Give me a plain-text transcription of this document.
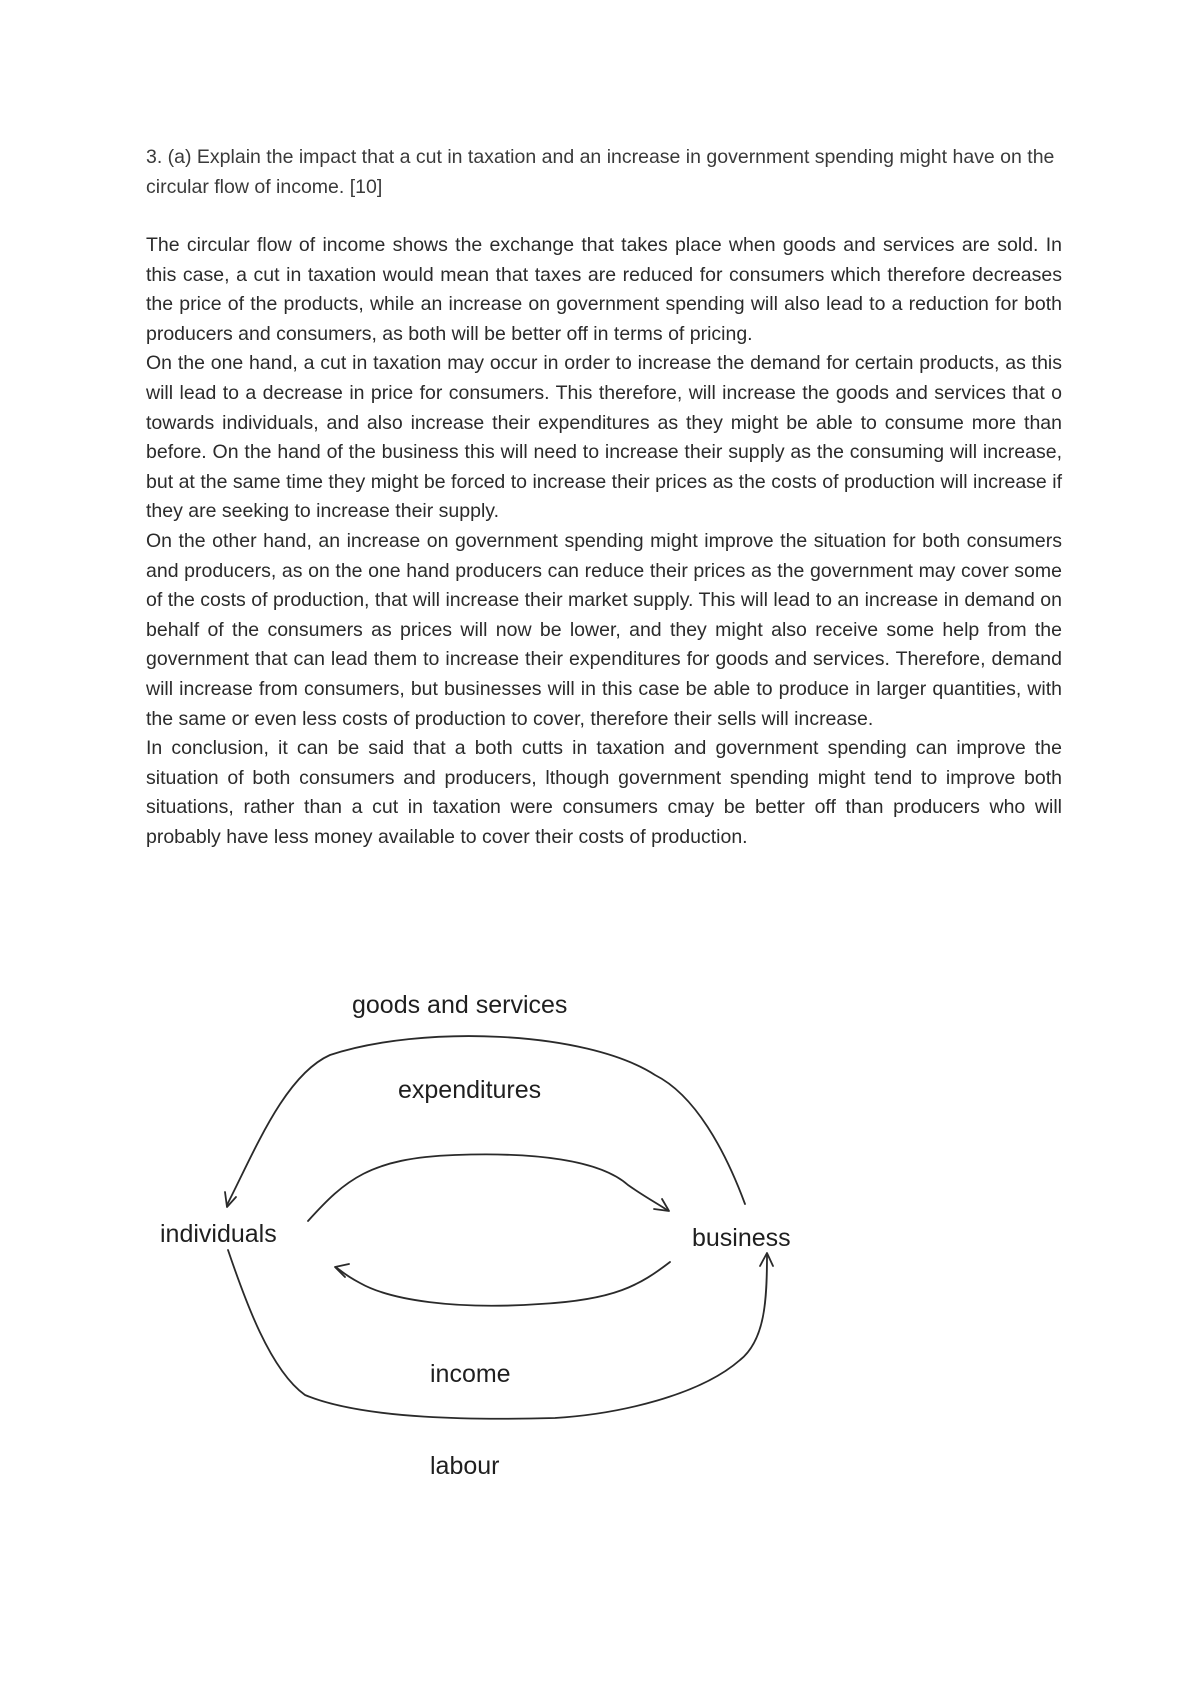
3. (a) Explain the impact that a cut in taxation and an increase in government spending might have on the circular flow of income. [10]

The circular flow of income shows the exchange that takes place when goods and services are sold. In this case, a cut in taxation would mean that taxes are reduced for consumers which therefore decreases the price of the products, while an increase on government spending will also lead to a reduction for both producers and consumers, as both will be better off in terms of pricing.

On the one hand, a cut in taxation may occur in order to increase the demand for certain products, as this will lead to a decrease in price for consumers. This therefore, will increase the goods and services that o towards individuals, and also increase their expenditures as they might be able to consume more than before. On the hand of the business this will need to increase their supply as the consuming will increase, but at the same time they might be forced to increase their prices as the costs of production will increase if they are seeking to increase their supply.

On the other hand, an increase on government spending might improve the situation for both consumers and producers, as on the one hand producers can reduce their prices as the government may cover some of the costs of production, that will increase their market supply. This will lead to an increase in demand on behalf of the consumers as prices will now be lower, and they might also receive some help from the government that can lead them to increase their expenditures for goods and services. Therefore, demand will increase from consumers, but businesses will in this case be able to produce in larger quantities, with the same or even less costs of production to cover, therefore their sells will increase.

In conclusion, it can be said that a both cutts in taxation and government spending can improve the situation of both consumers and producers, lthough government spending might tend to improve both situations, rather than a cut in taxation were consumers cmay be better off than producers who will probably have less money available to cover their costs of production.

goods and services
expenditures
individuals	business
income
labour
